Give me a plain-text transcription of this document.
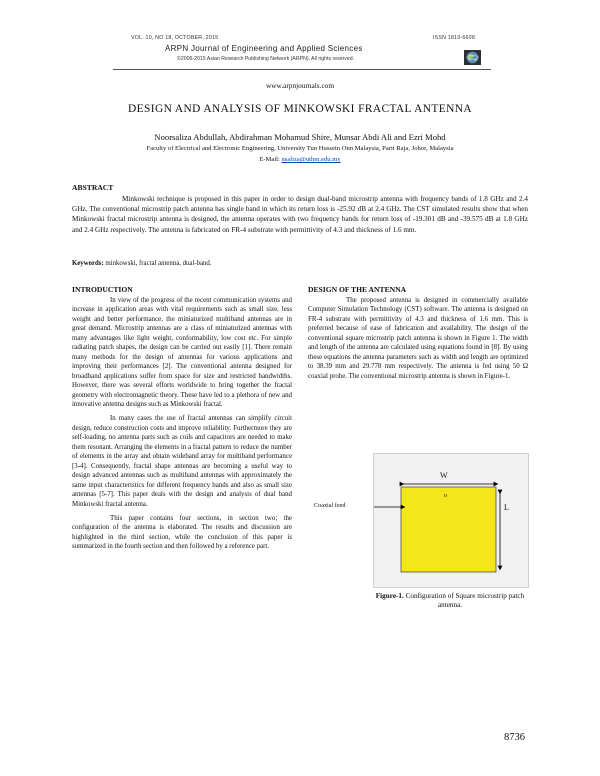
VOL. 10, NO 18, OCTOBER, 2015	ISSN 1819-6608
ARPN Journal of Engineering and Applied Sciences
©2006-2015 Asian Research Publishing Network (ARPN). All rights reserved.
www.arpnjournals.com
DESIGN AND ANALYSIS OF MINKOWSKI FRACTAL ANTENNA
Noorsaliza Abdullah, Abdirahman Mohamud Shire, Munsar Abdi Ali and Ezri Mohd
Faculty of Electrical and Electronic Engineering, University Tun Hussein Onn Malaysia, Parit Raja, Johor, Malaysia
E-Mail: nsaliza@uthm.edu.my
ABSTRACT
Minkowski technique is proposed in this paper in order to design dual-band microstrip antenna with frequency bands of 1.8 GHz and 2.4 GHz. The conventional microstrip patch antenna has single band in which its return loss is -25.92 dB at 2.4 GHz. The CST simulated results show that when Minkowski fractal microstrip antenna is designed, the antenna operates with two frequency bands for return loss of -19.301 dB and -39.575 dB at 1.8 GHz and 2.4 GHz respectively. The antenna is fabricated on FR-4 substrate with permittivity of 4.3 and thickness of 1.6 mm.
Keywords: minkowski, fractal antenna, dual-band.
INTRODUCTION

In view of the progress of the recent communication systems and increase in application areas with vital requirements such as small size, less weight and better performance, the miniaturized multiband antennas are in great demand. Microstrip antennas are a class of miniaturized antennas with many advantages like light weight, conformability, low cost etc. For simple radiating patch shapes, the design can be carried out easily [1]. There remain many methods for the design of antennas for various applications and improving their performances [2]. The conventional antenna designed for broadband applications suffer from space for size and restricted bandwidths. However, there was several efforts worldwide to bring together the fractal geometry with electromagnetic theory. These have led to a plethora of new and innovative antenna designs such as Minkowski fractal.

In many cases the use of fractal antennas can simplify circuit design, reduce construction costs and improve reliability. Furthermore they are self-loading, no antenna parts such as coils and capacitors are needed to make them resonant. Arranging the elements in a fractal pattern to reduce the number of elements in the array and obtain wideband array for multiband performance [3-4]. Consequently, fractal shape antennas are becoming a useful way to design advanced antennas such as multiband antennas with approximately the same input characteristics for different frequency bands and also as small size antennas [5-7]. This paper deals with the design and analysis of dual band Minkowski fractal antenna.

This paper contains four sections, in section two; the configuration of the antenna is elaborated. The results and discussion are highlighted in the third section, while the conclusion of this paper is summarized in the fourth section and then followed by a reference part.

DESIGN OF THE ANTENNA

The proposed antenna is designed in commercially available Computer Simulation Technology (CST) software. The antenna is designed on FR-4 substrate with permittivity of 4.3 and thickness of 1.6 mm. This is preferred because of ease of fabrication and availability. The design of the conventional square microstrip patch antenna is shown in Figure 1. The width and length of the antenna are calculated using equations found in [8]. By using these equations the antenna parameters such as width and length are optimized to 38.39 mm and 29.778 mm respectively. The antenna is fed using 50 Ω coaxial probe. The conventional microstrip antenna is shown in Figure-1.

W
L
o
Coaxial feed
Figure-1. Configuration of Square microstrip patch antenna.
8736
